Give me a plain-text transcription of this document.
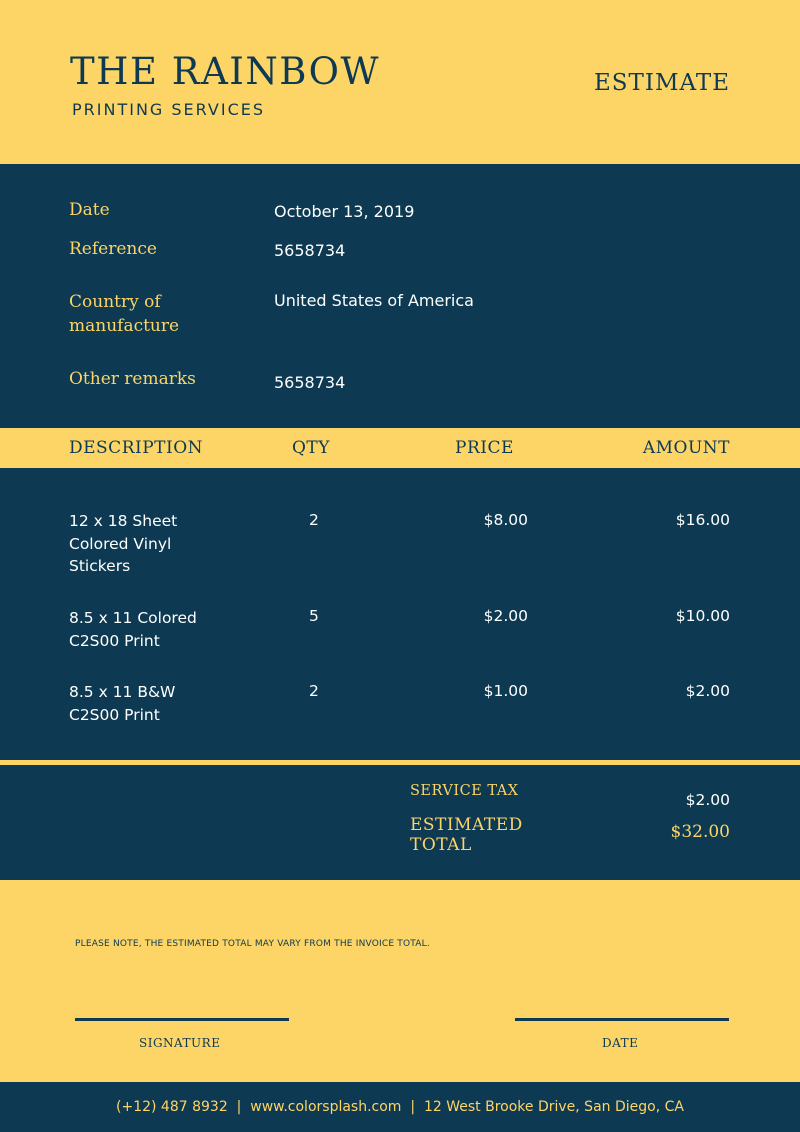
THE RAINBOW
PRINTING SERVICES
ESTIMATE
Date	October 13, 2019
Reference	5658734
Country of
manufacture
United States of America
Other remarks	5658734
DESCRIPTION	QTY	PRICE	AMOUNT
12 x 18 Sheet
Colored Vinyl
Stickers
2	$8.00	$16.00
8.5 x 11 Colored
C2S00 Print
5	$2.00	$10.00
8.5 x 11 B&W
C2S00 Print
2	$1.00	$2.00
SERVICE TAX	$2.00
ESTIMATED
TOTAL
$32.00
PLEASE NOTE, THE ESTIMATED TOTAL MAY VARY FROM THE INVOICE TOTAL.
SIGNATURE	DATE
(+12) 487 8932 | www.colorsplash.com | 12 West Brooke Drive, San Diego, CA
